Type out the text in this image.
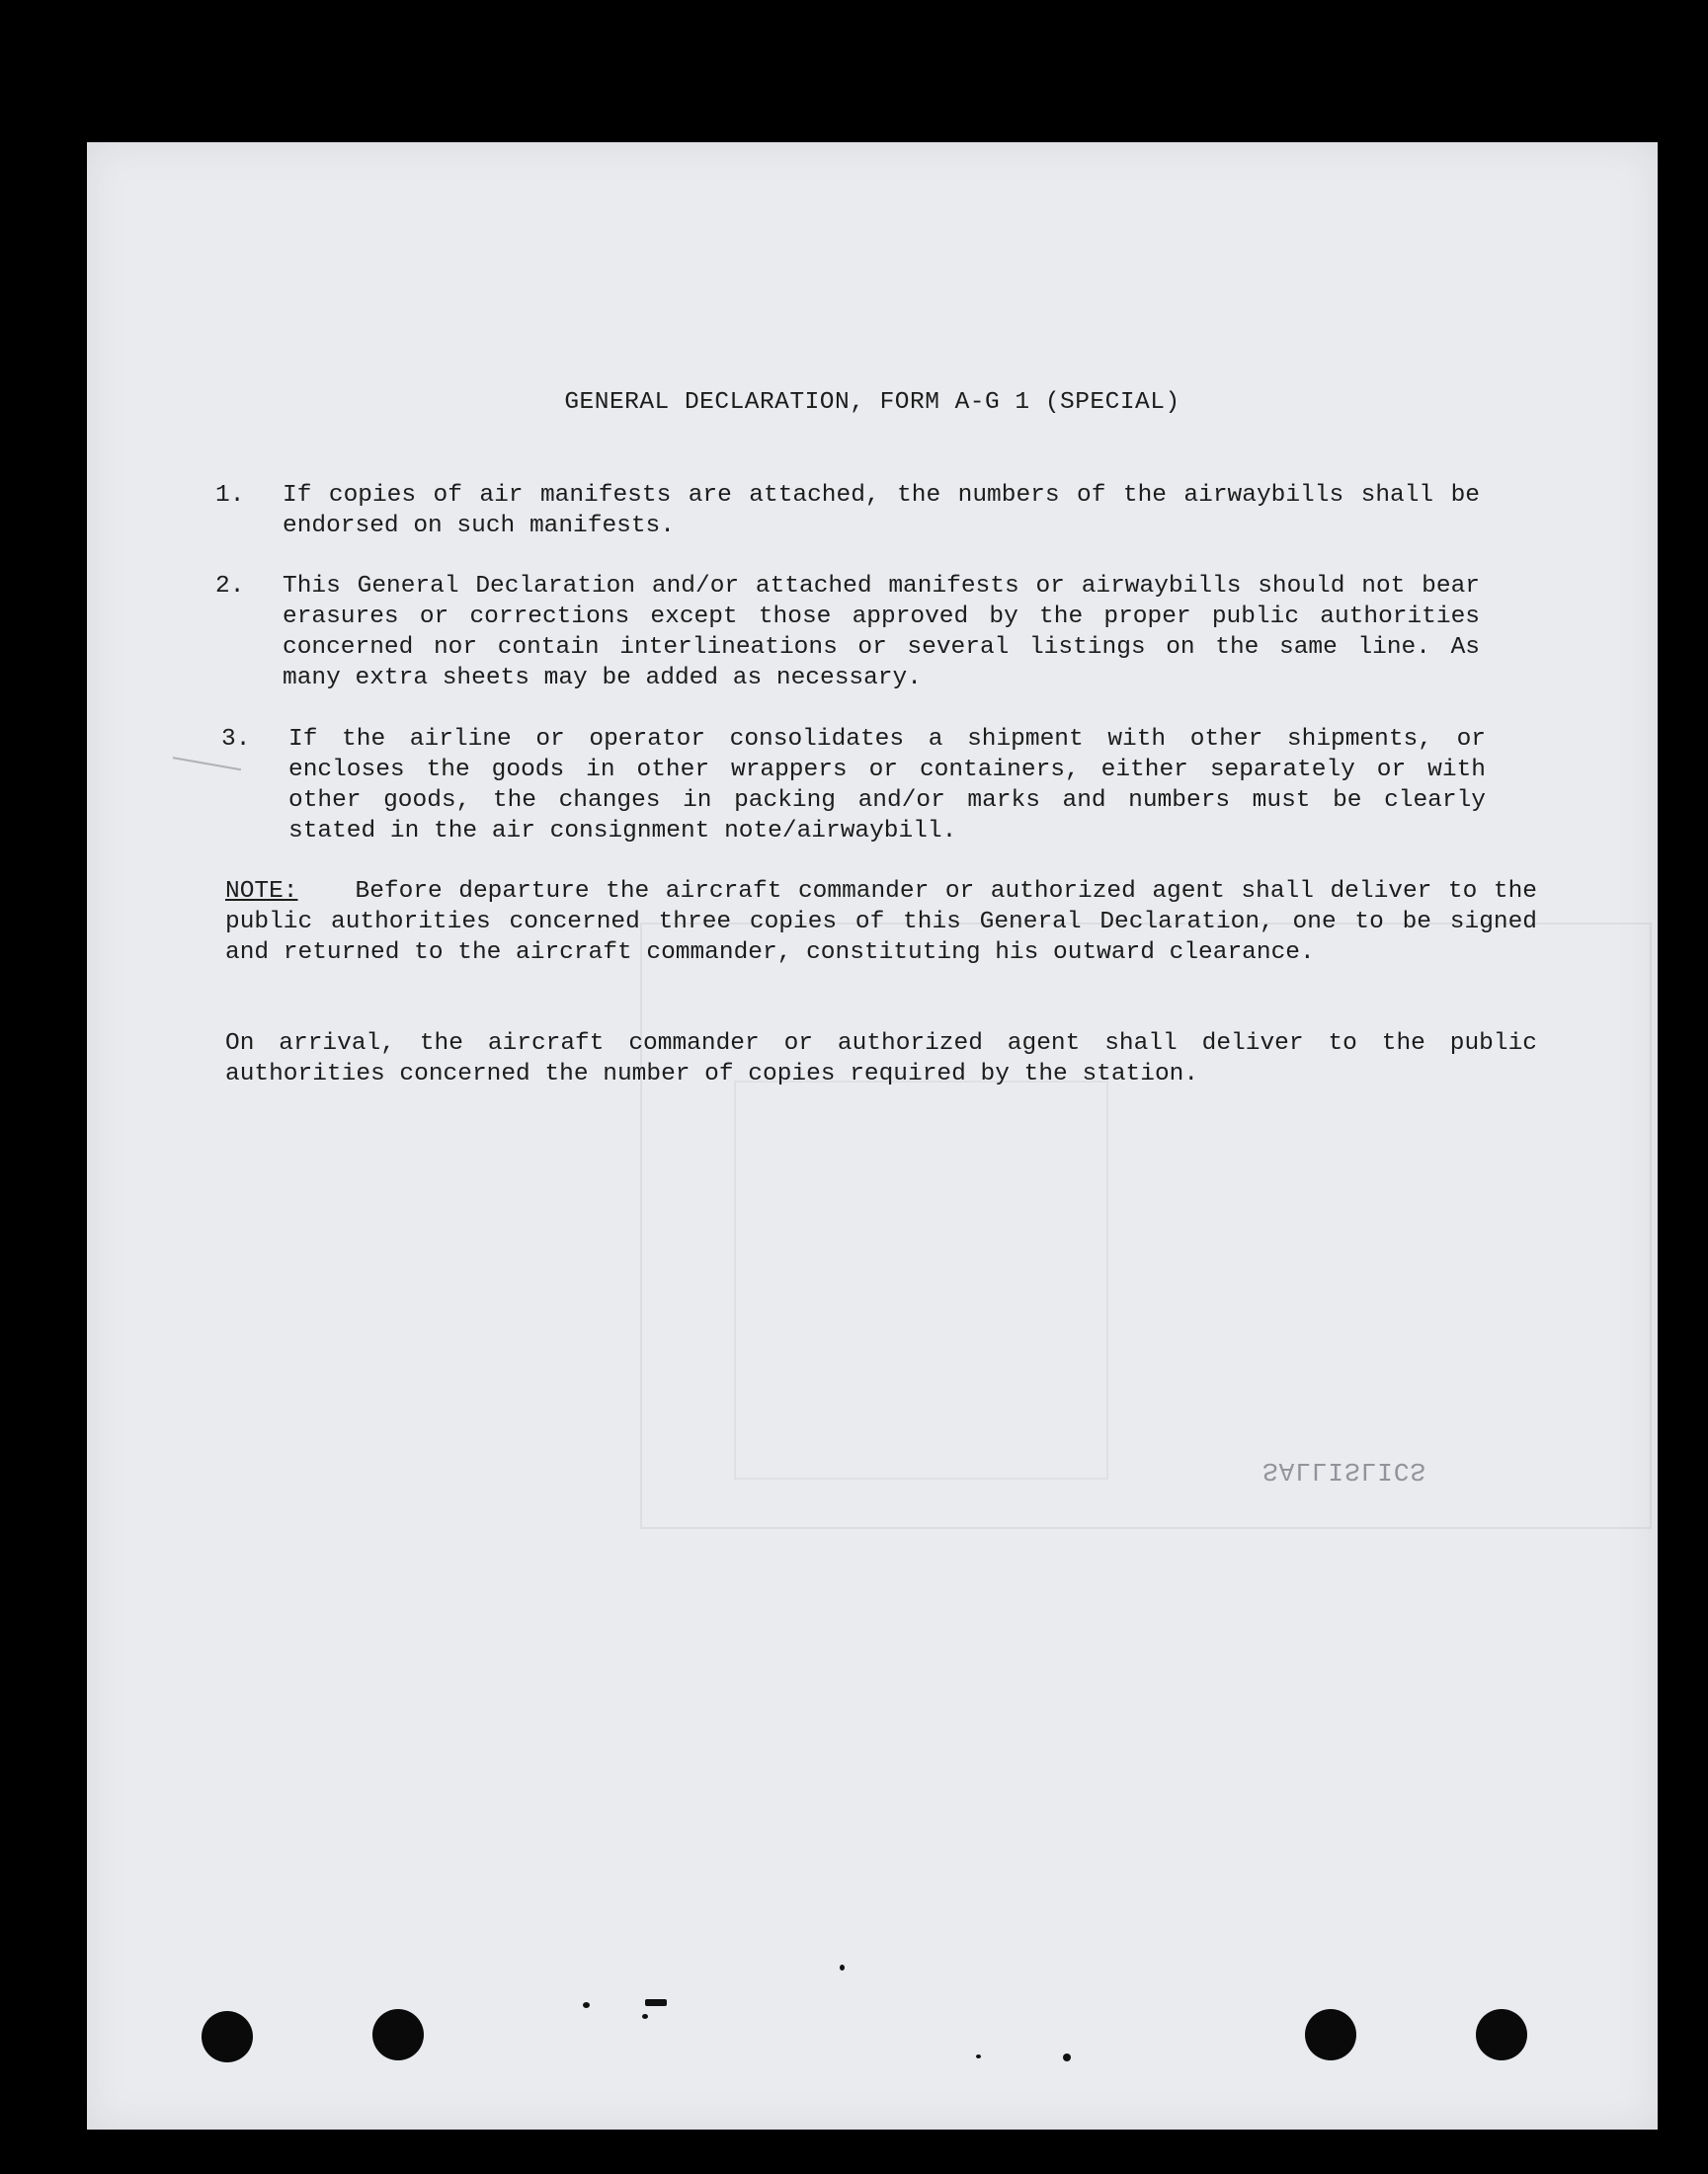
GENERAL DECLARATION, FORM A-G 1 (SPECIAL)
1.	If copies of air manifests are attached, the numbers of the airwaybills shall be endorsed on such manifests.
2.	This General Declaration and/or attached manifests or airwaybills should not bear erasures or corrections except those approved by the proper public authorities concerned nor contain interlineations or several listings on the same line. As many extra sheets may be added as necessary.
3.	If the airline or operator consolidates a shipment with other shipments, or encloses the goods in other wrappers or containers, either separately or with other goods, the changes in packing and/or marks and numbers must be clearly stated in the air consignment note/airwaybill.
NOTE: Before departure the aircraft commander or authorized agent shall deliver to the public authorities concerned three copies of this General Declaration, one to be signed and returned to the aircraft commander, constituting his outward clearance.
On arrival, the aircraft commander or authorized agent shall deliver to the public authorities concerned the number of copies required by the station.
SALLISLICS
